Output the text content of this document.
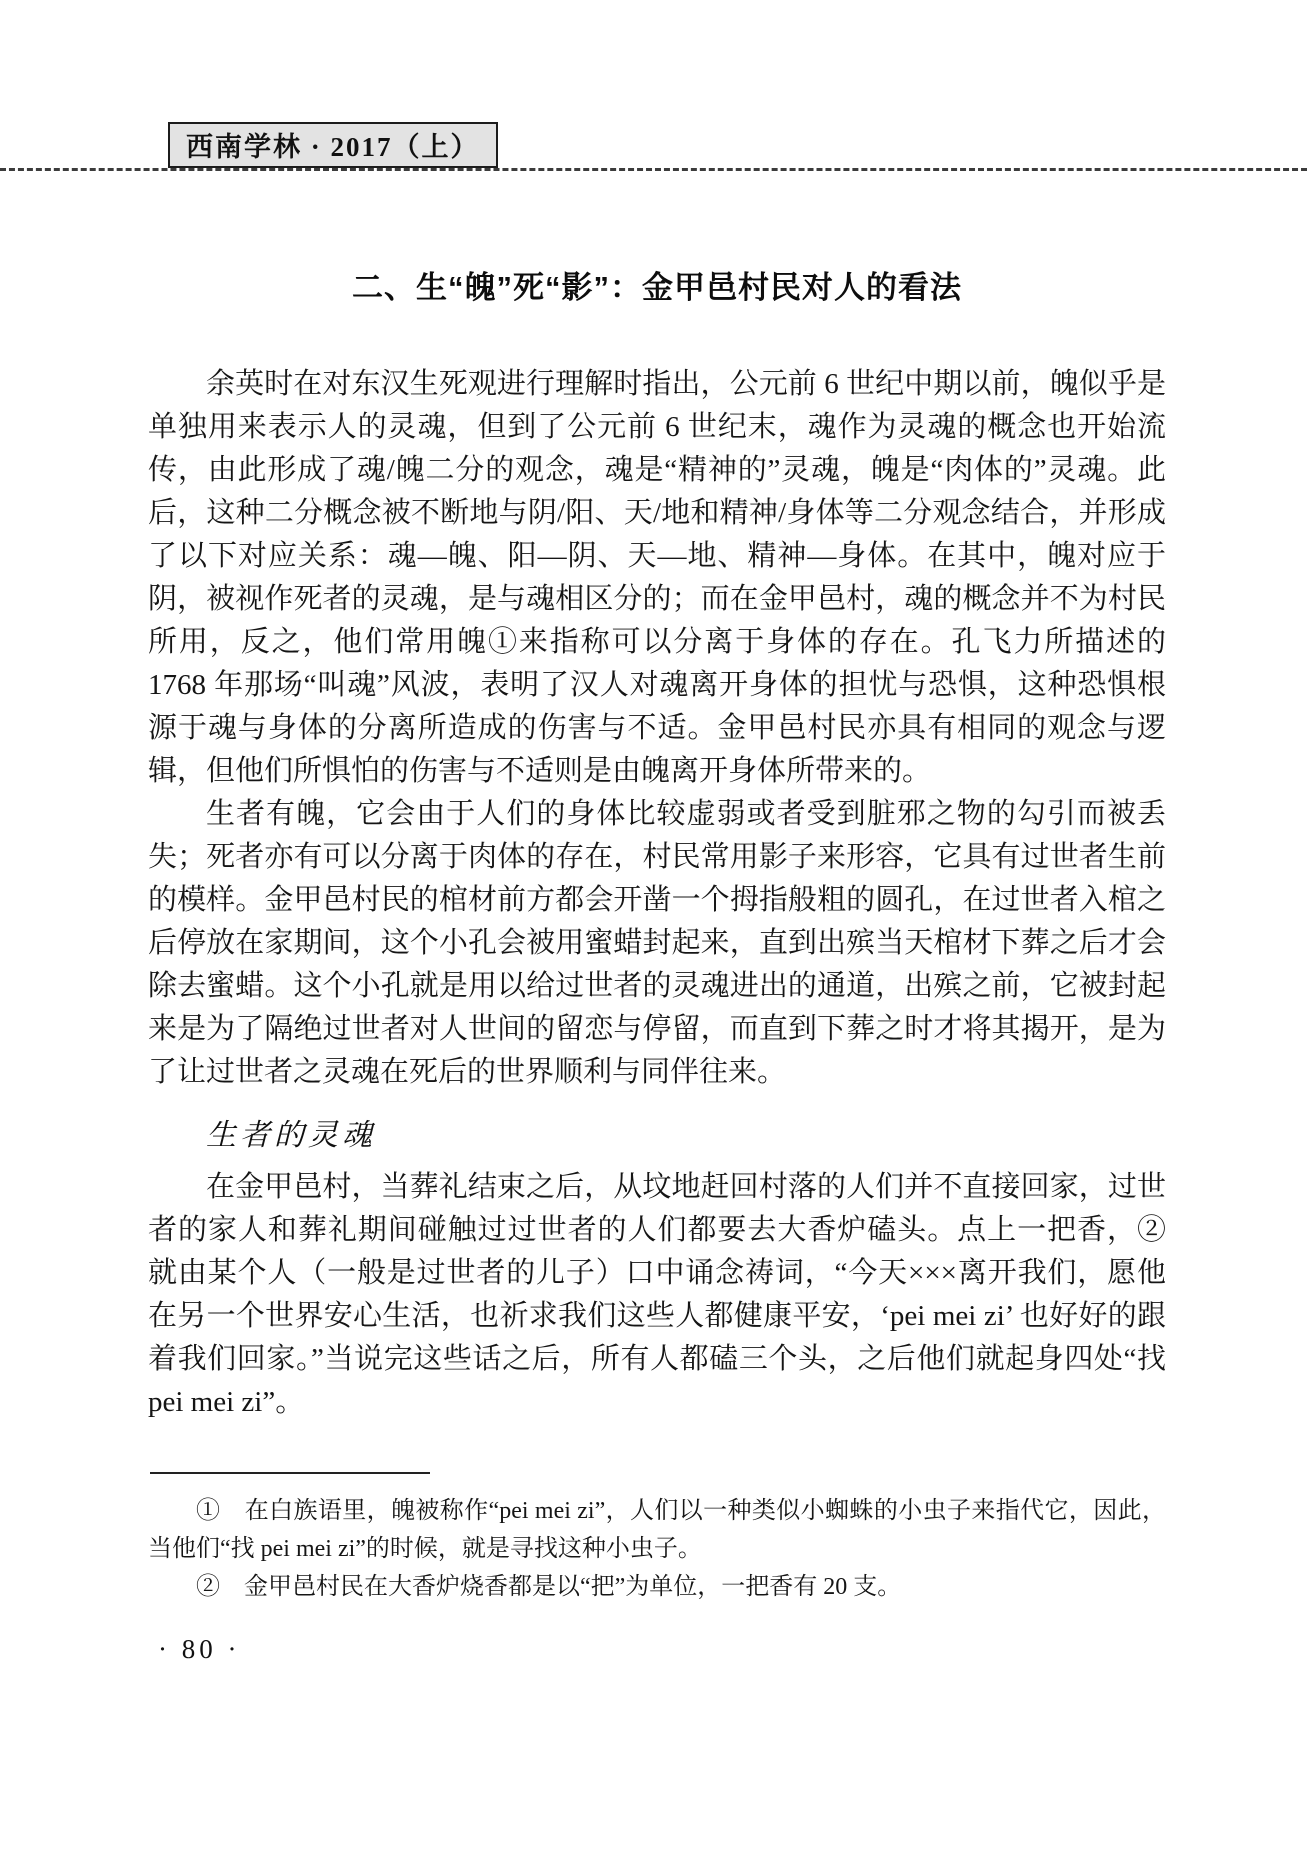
西南学林 · 2017（上）
二、生“魄”死“影”：金甲邑村民对人的看法

余英时在对东汉生死观进行理解时指出，公元前 6 世纪中期以前，魄似乎是单独用来表示人的灵魂，但到了公元前 6 世纪末，魂作为灵魂的概念也开始流传，由此形成了魂/魄二分的观念，魂是“精神的”灵魂，魄是“肉体的”灵魂。此后，这种二分概念被不断地与阴/阳、天/地和精神/身体等二分观念结合，并形成了以下对应关系：魂—魄、阳—阴、天—地、精神—身体。在其中，魄对应于阴，被视作死者的灵魂，是与魂相区分的；而在金甲邑村，魂的概念并不为村民所用，反之，他们常用魄①来指称可以分离于身体的存在。孔飞力所描述的 1768 年那场“叫魂”风波，表明了汉人对魂离开身体的担忧与恐惧，这种恐惧根源于魂与身体的分离所造成的伤害与不适。金甲邑村民亦具有相同的观念与逻辑，但他们所惧怕的伤害与不适则是由魄离开身体所带来的。

生者有魄，它会由于人们的身体比较虚弱或者受到脏邪之物的勾引而被丢失；死者亦有可以分离于肉体的存在，村民常用影子来形容，它具有过世者生前的模样。金甲邑村民的棺材前方都会开凿一个拇指般粗的圆孔，在过世者入棺之后停放在家期间，这个小孔会被用蜜蜡封起来，直到出殡当天棺材下葬之后才会除去蜜蜡。这个小孔就是用以给过世者的灵魂进出的通道，出殡之前，它被封起来是为了隔绝过世者对人世间的留恋与停留，而直到下葬之时才将其揭开，是为了让过世者之灵魂在死后的世界顺利与同伴往来。

生者的灵魂

在金甲邑村，当葬礼结束之后，从坟地赶回村落的人们并不直接回家，过世者的家人和葬礼期间碰触过过世者的人们都要去大香炉磕头。点上一把香，② 就由某个人（一般是过世者的儿子）口中诵念祷词，“今天×××离开我们，愿他在另一个世界安心生活，也祈求我们这些人都健康平安，‘pei mei zi’ 也好好的跟着我们回家。”当说完这些话之后，所有人都磕三个头，之后他们就起身四处“找 pei mei zi”。

①　在白族语里，魄被称作“pei mei zi”，人们以一种类似小蜘蛛的小虫子来指代它，因此，当他们“找 pei mei zi”的时候，就是寻找这种小虫子。

②　金甲邑村民在大香炉烧香都是以“把”为单位，一把香有 20 支。

· 80 ·
